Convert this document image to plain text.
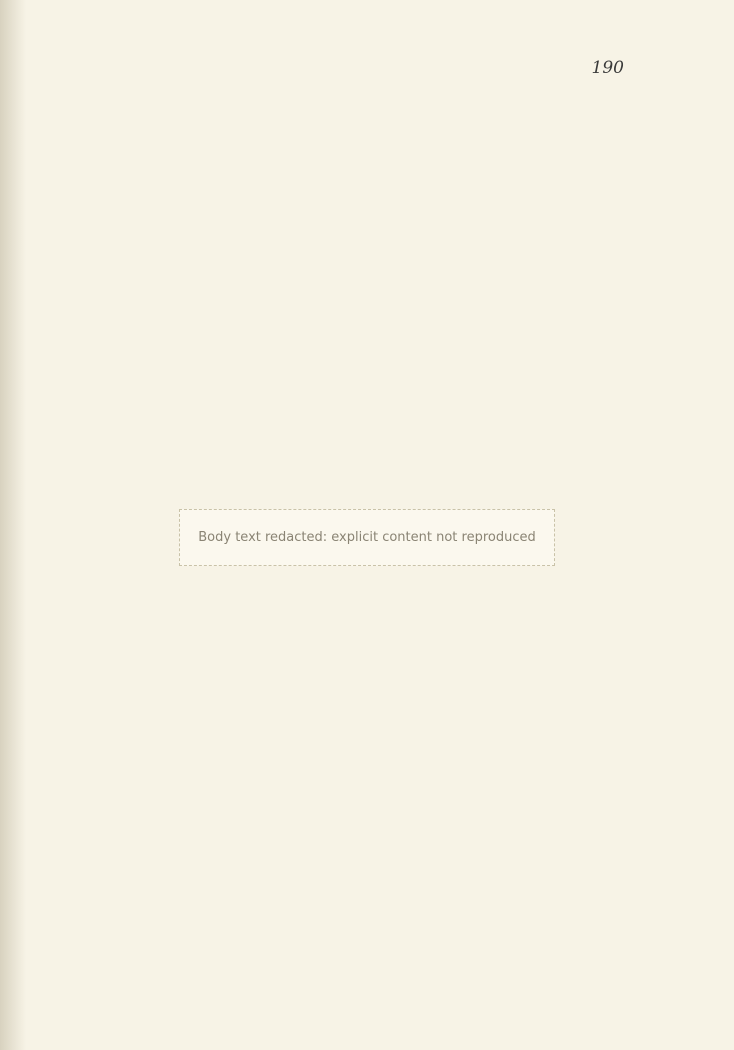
190
Body text redacted: explicit content not reproduced
